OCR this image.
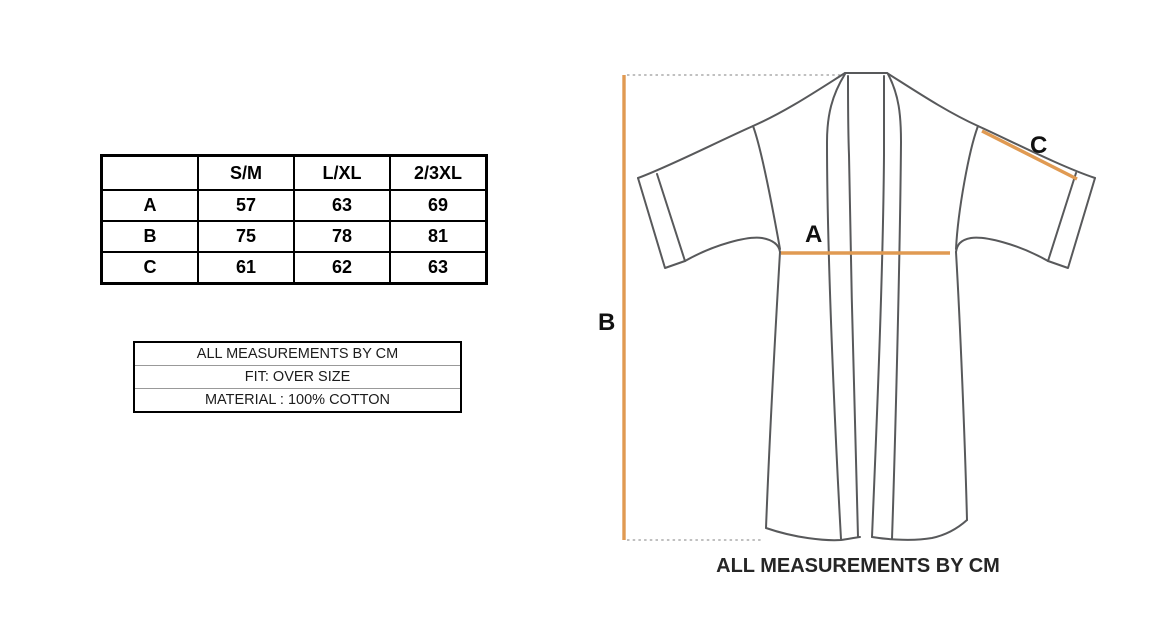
	S/M	L/XL	2/3XL
A	57	63	69
B	75	78	81
C	61	62	63
ALL MEASUREMENTS BY CM
FIT: OVER SIZE
MATERIAL : 100% COTTON
A
B
C
ALL MEASUREMENTS BY CM
